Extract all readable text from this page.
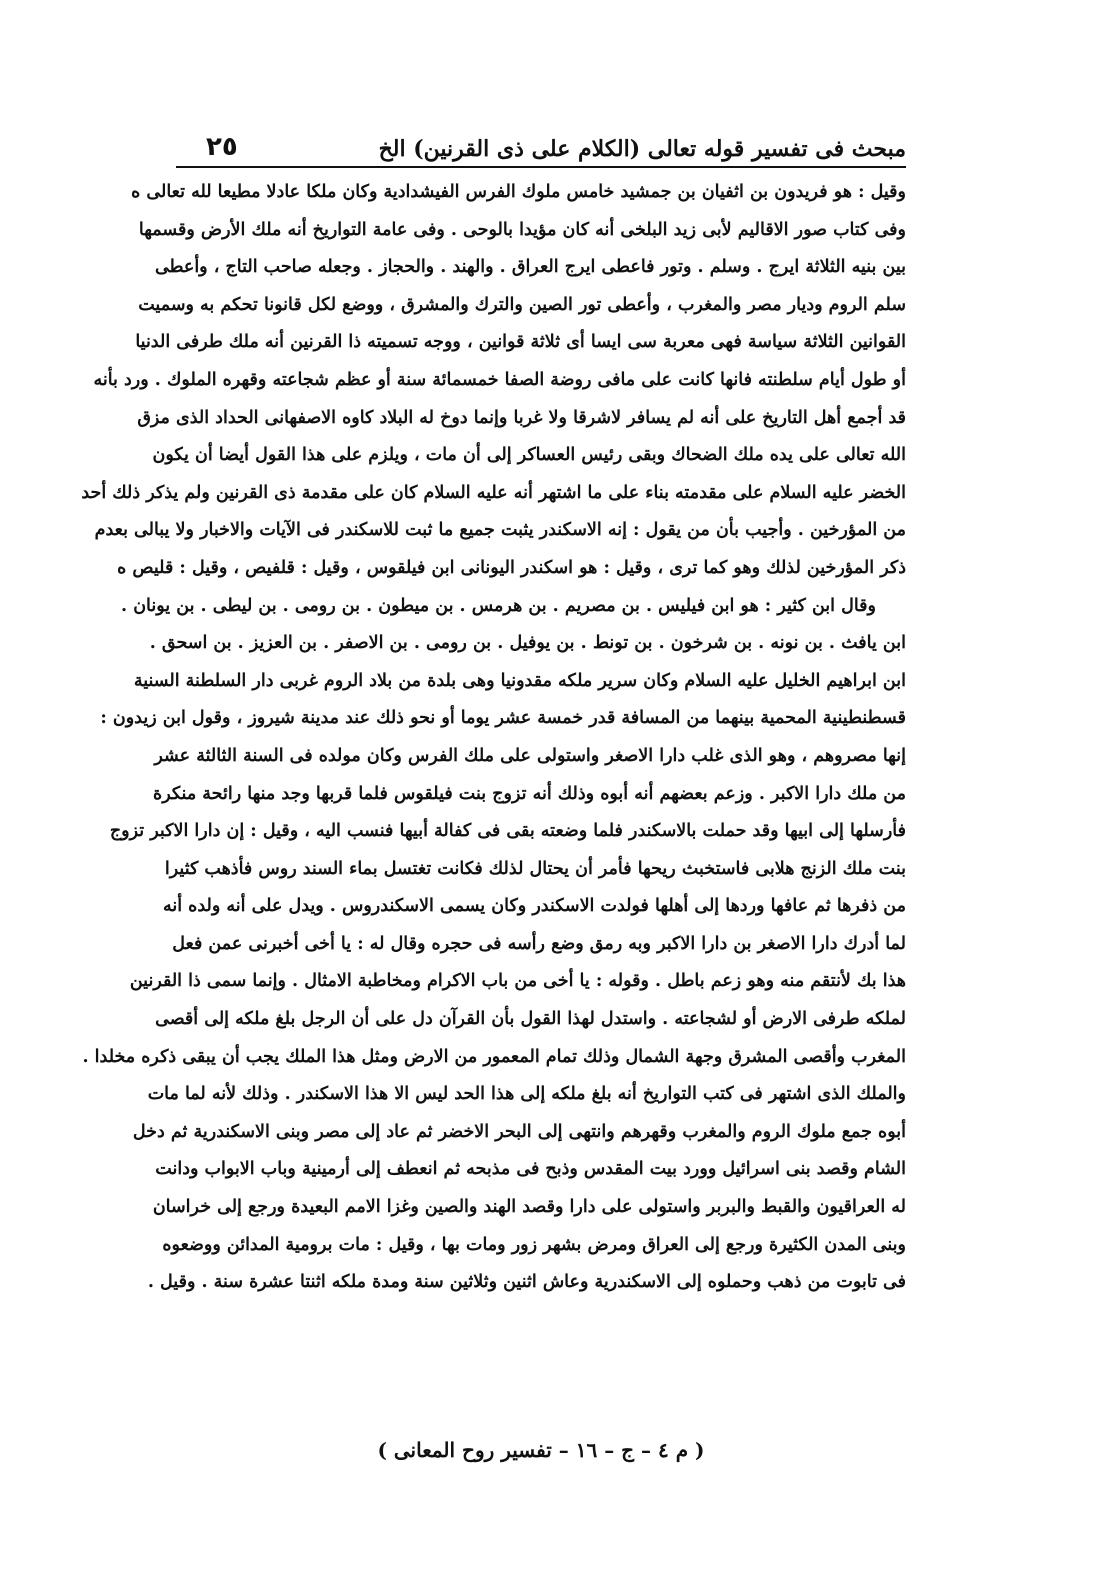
مبحث فى تفسير قوله تعالى (الكلام على ذى القرنين) الخ
٢٥
وقيل : هو فريدون بن اثفيان بن جمشيد خامس ملوك الفرس الفيشدادية وكان ملكا عادلا مطيعا لله تعالى ه
وفى كتاب صور الاقاليم لأبى زيد البلخى أنه كان مؤيدا بالوحى . وفى عامة التواريخ أنه ملك الأرض وقسمها
بين بنيه الثلاثة ايرج . وسلم . وتور فاعطى ايرج العراق . والهند . والحجاز . وجعله صاحب التاج ، وأعطى
سلم الروم وديار مصر والمغرب ، وأعطى تور الصين والترك والمشرق ، ووضع لكل قانونا تحكم به وسميت
القوانين الثلاثة سياسة فهى معربة سى ايسا أى ثلاثة قوانين ، ووجه تسميته ذا القرنين أنه ملك طرفى الدنيا
أو طول أيام سلطنته فانها كانت على مافى روضة الصفا خمسمائة سنة أو عظم شجاعته وقهره الملوك . ورد بأنه
قد أجمع أهل التاريخ على أنه لم يسافر لاشرقا ولا غربا وإنما دوخ له البلاد كاوه الاصفهانى الحداد الذى مزق
الله تعالى على يده ملك الضحاك وبقى رئيس العساكر إلى أن مات ، ويلزم على هذا القول أيضا أن يكون
الخضر عليه السلام على مقدمته بناء على ما اشتهر أنه عليه السلام كان على مقدمة ذى القرنين ولم يذكر ذلك أحد
من المؤرخين . وأجيب بأن من يقول : إنه الاسكندر يثبت جميع ما ثبت للاسكندر فى الآيات والاخبار ولا يبالى بعدم
ذكر المؤرخين لذلك وهو كما ترى ، وقيل : هو اسكندر اليونانى ابن فيلقوس ، وقيل : قلفيص ، وقيل : قليص ه
وقال ابن كثير : هو ابن فيليس . بن مصريم . بن هرمس . بن ميطون . بن رومى . بن ليطى . بن يونان .
ابن يافث . بن نونه . بن شرخون . بن تونط . بن يوفيل . بن رومى . بن الاصفر . بن العزيز . بن اسحق .
ابن ابراهيم الخليل عليه السلام وكان سرير ملكه مقدونيا وهى بلدة من بلاد الروم غربى دار السلطنة السنية
قسطنطينية المحمية بينهما من المسافة قدر خمسة عشر يوما أو نحو ذلك عند مدينة شيروز ، وقول ابن زيدون :
إنها مصروهم ، وهو الذى غلب دارا الاصغر واستولى على ملك الفرس وكان مولده فى السنة الثالثة عشر
من ملك دارا الاكبر . وزعم بعضهم أنه أبوه وذلك أنه تزوج بنت فيلقوس فلما قربها وجد منها رائحة منكرة
فأرسلها إلى ابيها وقد حملت بالاسكندر فلما وضعته بقى فى كفالة أبيها فنسب اليه ، وقيل : إن دارا الاكبر تزوج
بنت ملك الزنج هلابى فاستخبث ريحها فأمر أن يحتال لذلك فكانت تغتسل بماء السند روس فأذهب كثيرا
من ذفرها ثم عافها وردها إلى أهلها فولدت الاسكندر وكان يسمى الاسكندروس . ويدل على أنه ولده أنه
لما أدرك دارا الاصغر بن دارا الاكبر وبه رمق وضع رأسه فى حجره وقال له : يا أخى أخبرنى عمن فعل
هذا بك لأنتقم منه وهو زعم باطل . وقوله : يا أخى من باب الاكرام ومخاطبة الامثال . وإنما سمى ذا القرنين
لملكه طرفى الارض أو لشجاعته . واستدل لهذا القول بأن القرآن دل على أن الرجل بلغ ملكه إلى أقصى
المغرب وأقصى المشرق وجهة الشمال وذلك تمام المعمور من الارض ومثل هذا الملك يجب أن يبقى ذكره مخلدا .
والملك الذى اشتهر فى كتب التواريخ أنه بلغ ملكه إلى هذا الحد ليس الا هذا الاسكندر . وذلك لأنه لما مات
أبوه جمع ملوك الروم والمغرب وقهرهم وانتهى إلى البحر الاخضر ثم عاد إلى مصر وبنى الاسكندرية ثم دخل
الشام وقصد بنى اسرائيل وورد بيت المقدس وذبح فى مذبحه ثم انعطف إلى أرمينية وباب الابواب ودانت
له العراقيون والقبط والبربر واستولى على دارا وقصد الهند والصين وغزا الامم البعيدة ورجع إلى خراسان
وبنى المدن الكثيرة ورجع إلى العراق ومرض بشهر زور ومات بها ، وقيل : مات برومية المدائن ووضعوه
فى تابوت من ذهب وحملوه إلى الاسكندرية وعاش اثنين وثلاثين سنة ومدة ملكه اثنتا عشرة سنة . وقيل .
( م ٤ – ج – ١٦ – تفسير روح المعانى )
